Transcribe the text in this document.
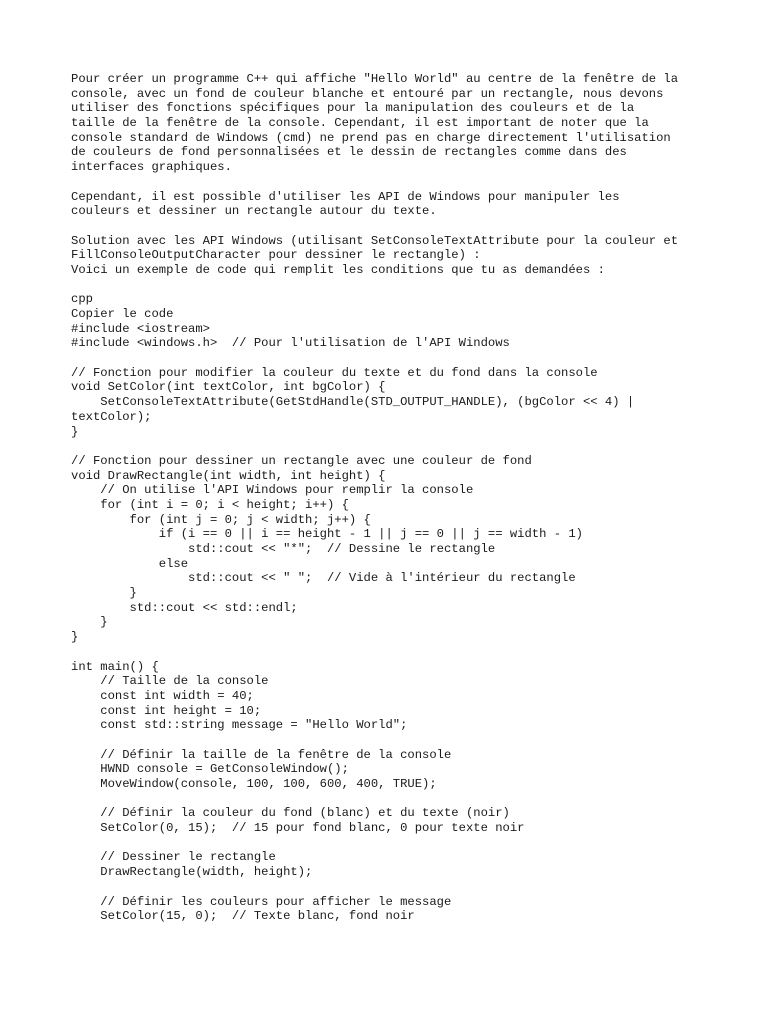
Pour créer un programme C++ qui affiche "Hello World" au centre de la fenêtre de la
console, avec un fond de couleur blanche et entouré par un rectangle, nous devons
utiliser des fonctions spécifiques pour la manipulation des couleurs et de la
taille de la fenêtre de la console. Cependant, il est important de noter que la
console standard de Windows (cmd) ne prend pas en charge directement l'utilisation
de couleurs de fond personnalisées et le dessin de rectangles comme dans des
interfaces graphiques.
Cependant, il est possible d'utiliser les API de Windows pour manipuler les
couleurs et dessiner un rectangle autour du texte.
Solution avec les API Windows (utilisant SetConsoleTextAttribute pour la couleur et
FillConsoleOutputCharacter pour dessiner le rectangle) :
Voici un exemple de code qui remplit les conditions que tu as demandées :
cpp
Copier le code
#include <iostream>
#include <windows.h>  // Pour l'utilisation de l'API Windows
// Fonction pour modifier la couleur du texte et du fond dans la console
void SetColor(int textColor, int bgColor) {
SetConsoleTextAttribute(GetStdHandle(STD_OUTPUT_HANDLE), (bgColor << 4) |
textColor);
}
// Fonction pour dessiner un rectangle avec une couleur de fond
void DrawRectangle(int width, int height) {
// On utilise l'API Windows pour remplir la console
for (int i = 0; i < height; i++) {
for (int j = 0; j < width; j++) {
if (i == 0 || i == height - 1 || j == 0 || j == width - 1)
std::cout << "*";  // Dessine le rectangle
else
std::cout << " ";  // Vide à l'intérieur du rectangle
}
std::cout << std::endl;
}
}
int main() {
// Taille de la console
const int width = 40;
const int height = 10;
const std::string message = "Hello World";
// Définir la taille de la fenêtre de la console
HWND console = GetConsoleWindow();
MoveWindow(console, 100, 100, 600, 400, TRUE);
// Définir la couleur du fond (blanc) et du texte (noir)
SetColor(0, 15);  // 15 pour fond blanc, 0 pour texte noir
// Dessiner le rectangle
DrawRectangle(width, height);
// Définir les couleurs pour afficher le message
SetColor(15, 0);  // Texte blanc, fond noir
